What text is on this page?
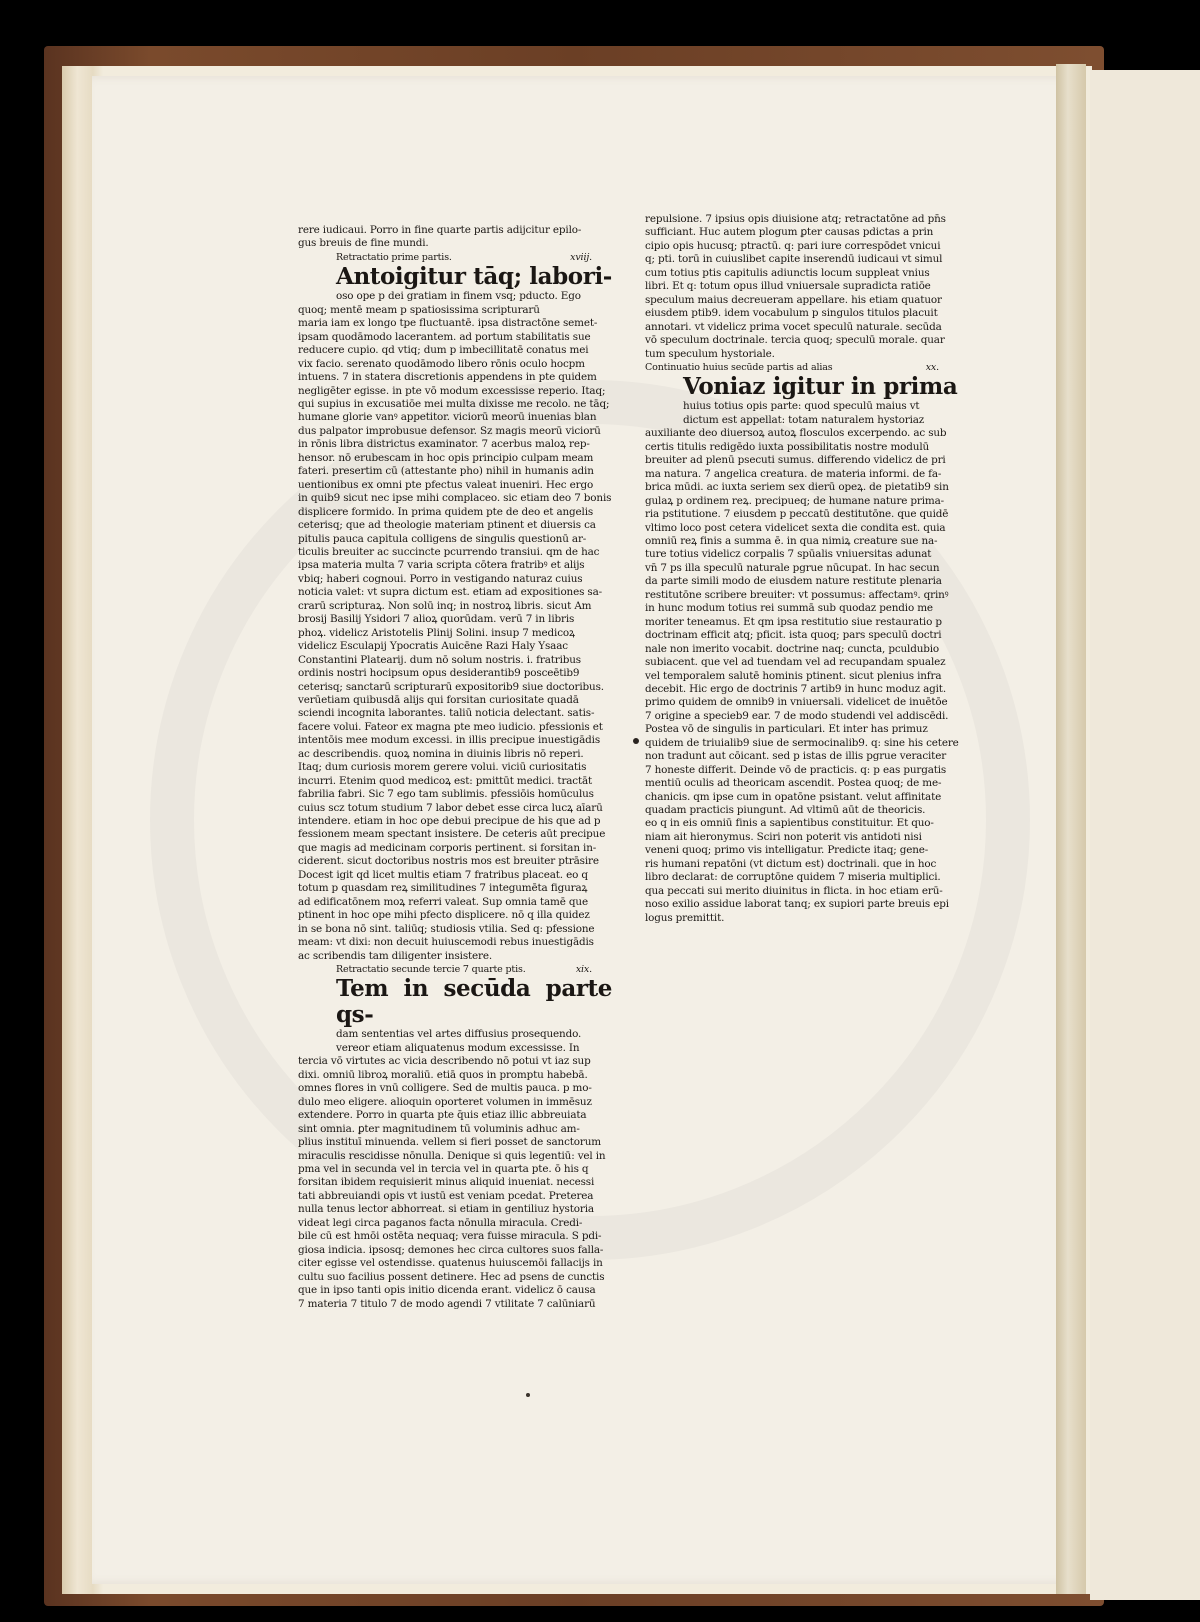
rere iudicaui. Porro in fine quarte partis adijcitur epilo-

gus breuis de fine mundi.

Retractatio prime partis.	xviij.

Antoigitur tāq; labori-

oso ope p dei gratiam in finem vsq; pducto. Ego

quoq; mentē meam p spatiosissima scripturarū

maria iam ex longo tpe fluctuantē. ipsa distractōne semet-

ipsam quodāmodo lacerantem. ad portum stabilitatis sue

reducere cupio. qd vtiq; dum p imbecillitatē conatus mei

vix facio. serenato quodāmodo libero rōnis oculo hocpm

intuens. 7 in statera discretionis appendens in pte quidem

negligēter egisse. in pte vō modum excessisse reperio. Itaq;

qui supius in excusatiōe mei multa dixisse me recolo. ne tāq;

humane glorie vanꝰ appetitor. viciorū meorū inuenias blan

dus palpator improbusue defensor. Sz magis meorū viciorū

in rōnis libra districtus examinator. 7 acerbus maloꝝ rep-

hensor. nō erubescam in hoc opis principio culpam meam

fateri. presertim cū (attestante pho) nihil in humanis adin

uentionibus ex omni pte pfectus valeat inueniri. Hec ergo

in quib9 sicut nec ipse mihi complaceo. sic etiam deo 7 bonis

displicere formido. In prima quidem pte de deo et angelis

ceterisq; que ad theologie materiam ptinent et diuersis ca

pitulis pauca capitula colligens de singulis questionū ar-

ticulis breuiter ac succincte pcurrendo transiui. qm de hac

ipsa materia multa 7 varia scripta cōtera fratribꝰ et alijs

vbiq; haberi cognoui. Porro in vestigando naturaz cuius

noticia valet: vt supra dictum est. etiam ad expositiones sa-

crarū scripturaꝝ. Non solū inq; in nostroꝝ libris. sicut Am

brosij Basilij Ysidori 7 alioꝝ quorūdam. verū 7 in libris

phoꝝ. videlicz Aristotelis Plinij Solini. insup 7 medicoꝝ

videlicz Esculapij Ypocratis Auicēne Razi Haly Ysaac

Constantini Platearij. dum nō solum nostris. i. fratribus

ordinis nostri hocipsum opus desiderantib9 posceētib9

ceterisq; sanctarū scripturarū expositorib9 siue doctoribus.

verūetiam quibusdā alijs qui forsitan curiositate quadā

sciendi incognita laborantes. taliū noticia delectant. satis-

facere volui. Fateor ex magna pte meo iudicio. pfessionis et

intentōis mee modum excessi. in illis precipue inuestigādis

ac describendis. quoꝝ nomina in diuinis libris nō reperi.

Itaq; dum curiosis morem gerere volui. viciū curiositatis

incurri. Etenim quod medicoꝝ est: pmittūt medici. tractāt

fabrilia fabri. Sic 7 ego tam sublimis. pfessiōis homūculus

cuius scz totum studium 7 labor debet esse circa lucꝝ aīarū

intendere. etiam in hoc ope debui precipue de his que ad p

fessionem meam spectant insistere. De ceteris aūt precipue

que magis ad medicinam corporis pertinent. si forsitan in-

ciderent. sicut doctoribus nostris mos est breuiter ptrāsire

Docest igit qd licet multis etiam 7 fratribus placeat. eo q

totum p quasdam reꝝ similitudines 7 integumēta figuraꝝ

ad edificatōnem moꝝ referri valeat. Sup omnia tamē que

ptinent in hoc ope mihi pfecto displicere. nō q illa quidez

in se bona nō sint. taliūq; studiosis vtilia. Sed q: pfessione

meam: vt dixi: non decuit huiuscemodi rebus inuestigādis

ac scribendis tam diligenter insistere.

Retractatio secunde tercie 7 quarte ptis.	xix.

Tem in secūda parte qs-

dam sententias vel artes diffusius prosequendo.

vereor etiam aliquatenus modum excessisse. In

tercia vō virtutes ac vicia describendo nō potui vt iaz sup

dixi. omniū libroꝝ moraliū. etiā quos in promptu habebā.

omnes flores in vnū colligere. Sed de multis pauca. p mo-

dulo meo eligere. alioquin oporteret volumen in immēsuz

extendere. Porro in quarta pte q̄uis etiaz illic abbreuiata

sint omnia. ꝑter magnitudinem tū voluminis adhuc am-

plius instituī minuenda. vellem si fieri posset de sanctorum

miraculis rescidisse nōnulla. Denique si quis legentiū: vel in

pma vel in secunda vel in tercia vel in quarta pte. ō his q

forsitan ibidem requisierit minus aliquid inueniat. necessi

tati abbreuiandi opis vt iustū est veniam pcedat. Preterea

nulla tenus lector abhorreat. si etiam in gentiliuz hystoria

videat legi circa paganos facta nōnulla miracula. Credi-

bile cū est hmōi ostēta nequaq; vera fuisse miracula. S pdi-

giosa indicia. ipsosq; demones hec circa cultores suos falla-

citer egisse vel ostendisse. quatenus huiuscemōi fallacijs in

cultu suo facilius possent detinere. Hec ad psens de cunctis

que in ipso tanti opis initio dicenda erant. videlicz ō causa

7 materia 7 titulo 7 de modo agendi 7 vtilitate 7 calūniarū

repulsione. 7 ipsius opis diuisione atq; retractatōne ad pn̄s

sufficiant. Huc autem plogum ꝑter causas pdictas a prin

cipio opis hucusq; ptractū. q: pari iure correspōdet vnicui

q; pti. torū in cuiuslibet capite inserendū iudicaui vt simul

cum totius ptis capitulis adiunctis locum suppleat vnius

libri. Et q: totum opus illud vniuersale supradicta ratiōe

speculum maius decreueram appellare. his etiam quatuor

eiusdem ptib9. idem vocabulum p singulos titulos placuit

annotari. vt videlicz prima vocet speculū naturale. secūda

vō speculum doctrinale. tercia quoq; speculū morale. quar

tum speculum hystoriale.

Continuatio huius secūde partis ad alias	xx.

Voniaz igitur in prima

huius totius opis parte: quod speculū maius vt

dictum est appellat: totam naturalem hystoriaz

auxiliante deo diuersoꝝ autoꝝ flosculos excerpendo. ac sub

certis titulis redigēdo iuxta possibilitatis nostre modulū

breuiter ad plenū psecuti sumus. differendo videlicz de pri

ma natura. 7 angelica creatura. de materia informi. de fa-

brica mūdi. ac iuxta seriem sex dierū opeꝝ. de pietatib9 sin

gulaꝝ p ordinem reꝝ. precipueq; de humane nature prima-

ria pstitutione. 7 eiusdem p peccatū destitutōne. que quidē

vltimo loco post cetera videlicet sexta die condita est. quia

omniū reꝝ finis a summa ē. in qua nimiꝝ creature sue na-

ture totius videlicz corpalis 7 spūalis vniuersitas adunat

vn̄ 7 ps illa speculū naturale pgrue nūcupat. In hac secun

da parte simili modo de eiusdem nature restitute plenaria

restitutōne scribere breuiter: vt possumus: affectamꝰ. qrinꝰ

in hunc modum totius rei summā sub quodaz pendio me

moriter teneamus. Et qm ipsa restitutio siue restauratio p

doctrinam efficit atq; pficit. ista quoq; pars speculū doctri

nale non imerito vocabit. doctrine naq; cuncta, pculdubio

subiacent. que vel ad tuendam vel ad recupandam spualez

vel temporalem salutē hominis ptinent. sicut plenius infra

decebit. Hic ergo de doctrinis 7 artib9 in hunc moduz agit.

primo quidem de omnib9 in vniuersali. videlicet de inuētōe

7 origine a specieb9 ear. 7 de modo studendi vel addiscēdi.

Postea vō de singulis in particulari. Et inter has primuz

quidem de triuialib9 siue de sermocinalib9. q: sine his cetere

non tradunt aut cōicant. sed p istas de illis pgrue veraciter

7 honeste differit. Deinde vō de practicis. q: p eas purgatis

mentiū oculis ad theoricam ascendit. Postea quoq; de me-

chanicis. qm ipse cum in opatōne psistant. velut affinitate

quadam practicis piungunt. Ad vltimū aūt de theoricis.

eo q in eis omniū finis a sapientibus constituitur. Et quo-

niam ait hieronymus. Sciri non poterit vis antidoti nisi

veneni quoq; primo vis intelligatur. Predicte itaq; gene-

ris humani repatōni (vt dictum est) doctrinali. que in hoc

libro declarat: de corruptōne quidem 7 miseria multiplici.

qua peccati sui merito diuinitus in flicta. in hoc etiam erū-

noso exilio assidue laborat tanq; ex supiori parte breuis epi

logus premittit.
